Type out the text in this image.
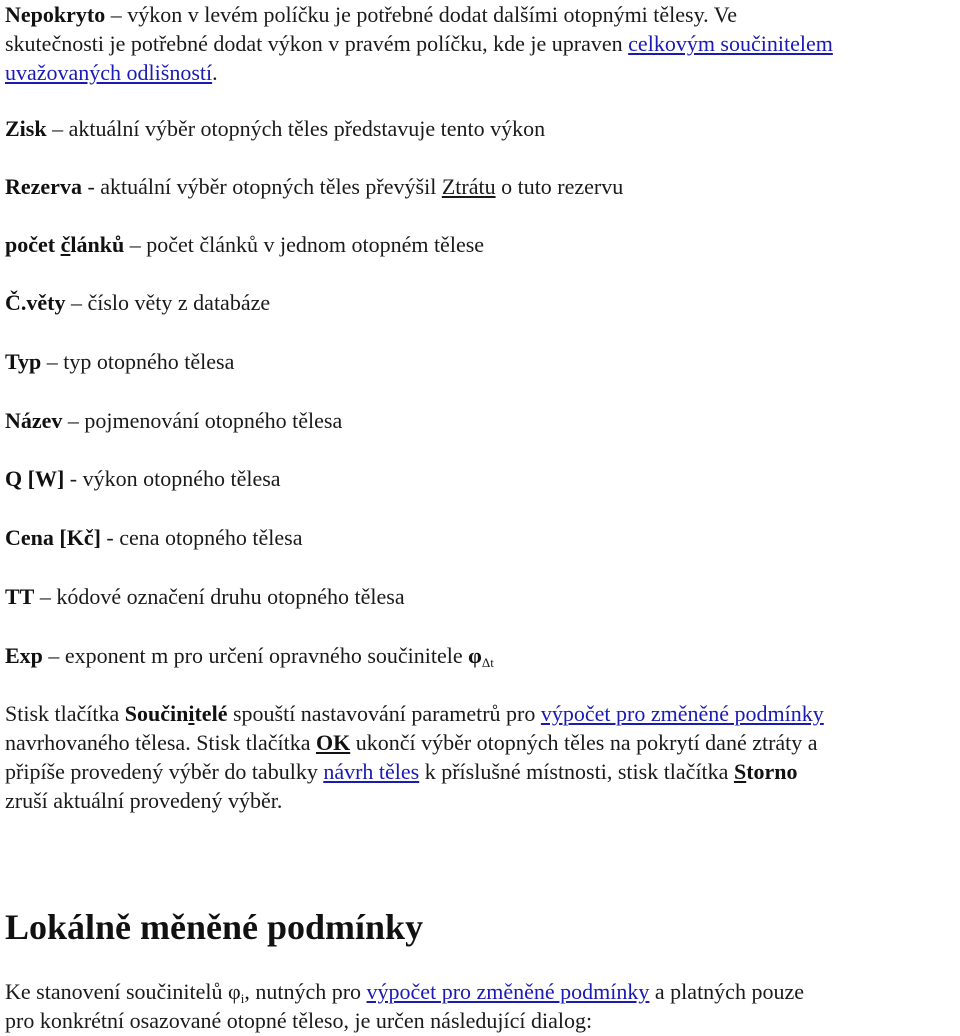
Nepokryto – výkon v levém políčku je potřebné dodat dalšími otopnými tělesy. Ve

skutečnosti je potřebné dodat výkon v pravém políčku, kde je upraven celkovým součinitelem

uvažovaných odlišností.

Zisk – aktuální výběr otopných těles představuje tento výkon

Rezerva - aktuální výběr otopných těles převýšil Ztrátu o tuto rezervu

počet článků – počet článků v jednom otopném tělese

Č.věty – číslo věty z databáze

Typ – typ otopného tělesa

Název – pojmenování otopného tělesa

Q [W] - výkon otopného tělesa

Cena [Kč] - cena otopného tělesa

TT – kódové označení druhu otopného tělesa

Exp – exponent m pro určení opravného součinitele $\varphi_{\Delta t}$

Stisk tlačítka Součinitelé spouští nastavování parametrů pro výpočet pro změněné podmínky

navrhovaného tělesa. Stisk tlačítka OK ukončí výběr otopných těles na pokrytí dané ztráty a

připíše provedený výběr do tabulky návrh těles k příslušné místnosti, stisk tlačítka Storno

zruší aktuální provedený výběr.

Lokálně měněné podmínky

Ke stanovení součinitelů $\varphi_i$, nutných pro výpočet pro změněné podmínky a platných pouze

pro konkrétní osazované otopné těleso, je určen následující dialog:
